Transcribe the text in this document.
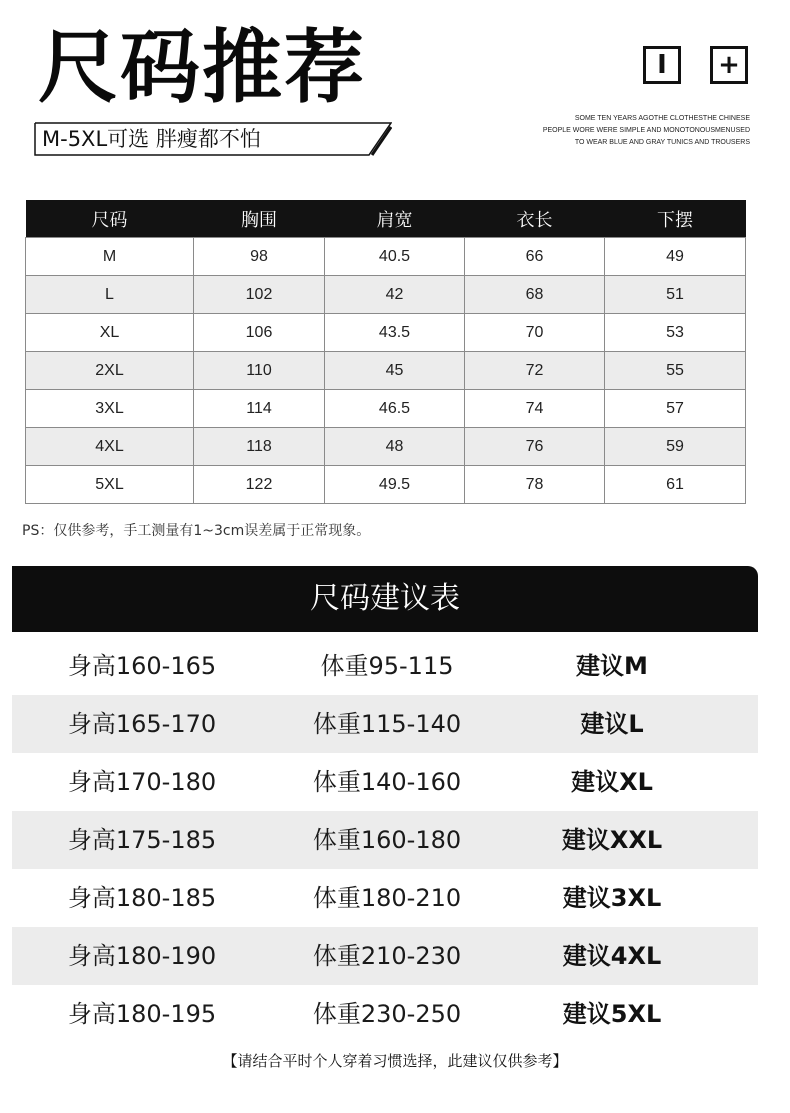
尺码推荐
M-5XL可选 胖瘦都不怕
I	+
SOME TEN YEARS AGOTHE CLOTHESTHE CHINESE
PEOPLE WORE WERE SIMPLE AND MONOTONOUSMENUSED
TO WEAR BLUE AND GRAY TUNICS AND TROUSERS
尺码	胸围	肩宽	衣长	下摆
M	98	40.5	66	49
L	102	42	68	51
XL	106	43.5	70	53
2XL	110	45	72	55
3XL	114	46.5	74	57
4XL	118	48	76	59
5XL	122	49.5	78	61
PS：仅供参考，手工测量有1~3cm误差属于正常现象。
尺码建议表
身高160-165	体重95-115	建议M
身高165-170	体重115-140	建议L
身高170-180	体重140-160	建议XL
身高175-185	体重160-180	建议XXL
身高180-185	体重180-210	建议3XL
身高180-190	体重210-230	建议4XL
身高180-195	体重230-250	建议5XL
【请结合平时个人穿着习惯选择，此建议仅供参考】
